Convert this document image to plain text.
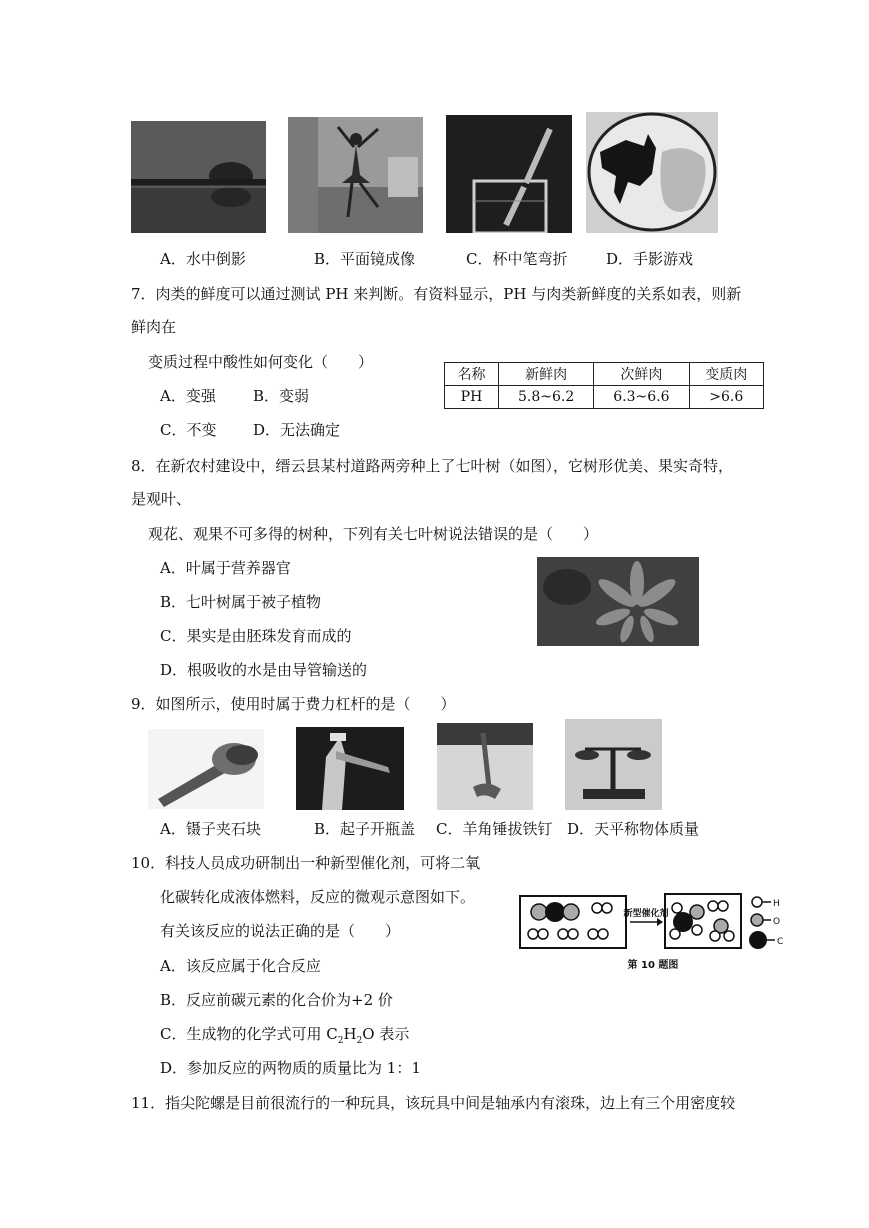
A．水中倒影	B．平面镜成像	C．杯中笔弯折	D．手影游戏
7．肉类的鲜度可以通过测试 PH 来判断。有资料显示，PH 与肉类新鲜度的关系如表，则新
鲜肉在
变质过程中酸性如何变化（　　）
A．变强 B．变弱
C．不变 D．无法确定
名称	新鲜肉	次鲜肉	变质肉
PH	5.8~6.2	6.3~6.6	>6.6
8．在新农村建设中，缙云县某村道路两旁种上了七叶树（如图），它树形优美、果实奇特，
是观叶、
观花、观果不可多得的树种，下列有关七叶树说法错误的是（　　）
A．叶属于营养器官
B．七叶树属于被子植物
C．果实是由胚珠发育而成的
D．根吸收的水是由导管输送的
9．如图所示，使用时属于费力杠杆的是（　　）
A．镊子夹石块	B．起子开瓶盖 C．羊角锤拔铁钉 D．天平称物体质量
10．科技人员成功研制出一种新型催化剂，可将二氧
化碳转化成液体燃料，反应的微观示意图如下。
有关该反应的说法正确的是（　　）
A．该反应属于化合反应
B．反应前碳元素的化合价为+2 价
C．生成物的化学式可用 $C_2H_2O$ 表示
D．参加反应的两物质的质量比为 1：1
新型催化剂
H
O
C
第 10 题图
11．指尖陀螺是目前很流行的一种玩具，该玩具中间是轴承内有滚珠，边上有三个用密度较
